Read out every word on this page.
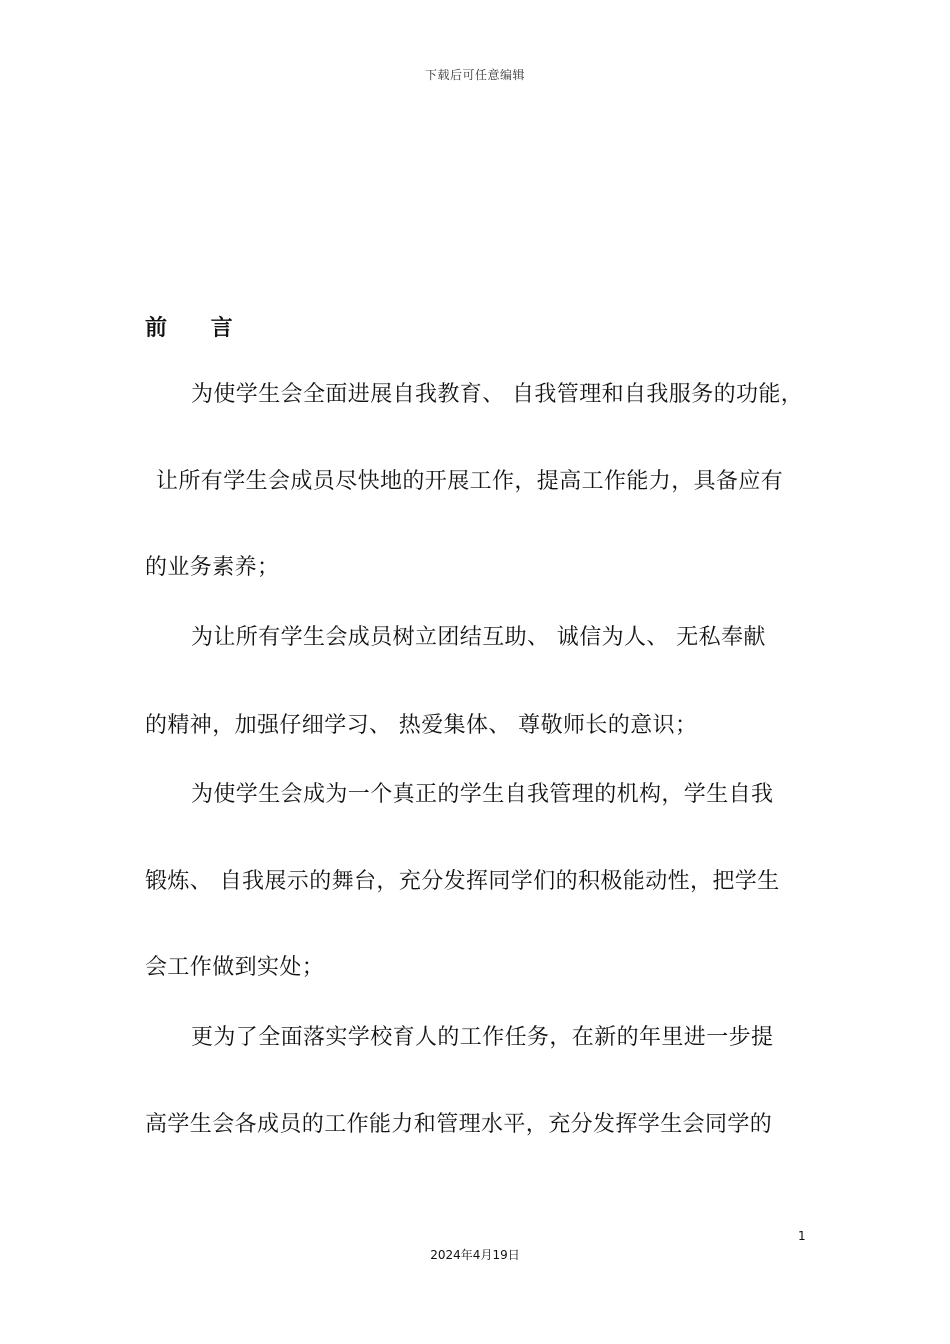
下载后可任意编辑
前 言
为使学生会全面进展自我教育、 自我管理和自我服务的功能，
让所有学生会成员尽快地的开展工作，提高工作能力，具备应有
的业务素养；
为让所有学生会成员树立团结互助、 诚信为人、 无私奉献
的精神，加强仔细学习、 热爱集体、 尊敬师长的意识；
为使学生会成为一个真正的学生自我管理的机构，学生自我
锻炼、 自我展示的舞台，充分发挥同学们的积极能动性，把学生
会工作做到实处；
更为了全面落实学校育人的工作任务，在新的年里进一步提
高学生会各成员的工作能力和管理水平，充分发挥学生会同学的
1
2024年4月19日
